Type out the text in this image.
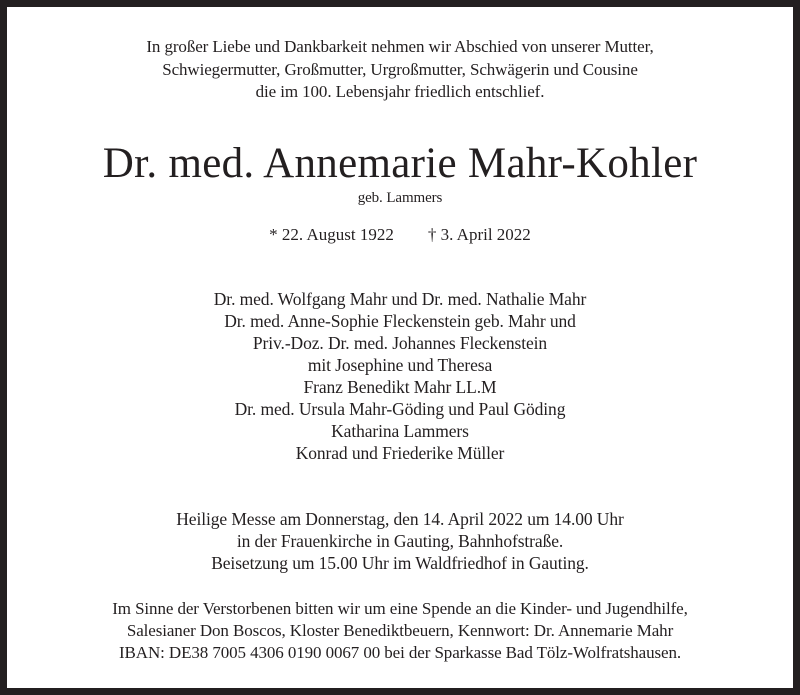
In großer Liebe und Dankbarkeit nehmen wir Abschied von unserer Mutter,
Schwiegermutter, Großmutter, Urgroßmutter, Schwägerin und Cousine
die im 100. Lebensjahr friedlich entschlief.
Dr. med. Annemarie Mahr-Kohler
geb. Lammers
* 22. August 1922 † 3. April 2022
Dr. med. Wolfgang Mahr und Dr. med. Nathalie Mahr
Dr. med. Anne-Sophie Fleckenstein geb. Mahr und
Priv.-Doz. Dr. med. Johannes Fleckenstein
mit Josephine und Theresa
Franz Benedikt Mahr LL.M
Dr. med. Ursula Mahr-Göding und Paul Göding
Katharina Lammers
Konrad und Friederike Müller
Heilige Messe am Donnerstag, den 14. April 2022 um 14.00 Uhr
in der Frauenkirche in Gauting, Bahnhofstraße.
Beisetzung um 15.00 Uhr im Waldfriedhof in Gauting.
Im Sinne der Verstorbenen bitten wir um eine Spende an die Kinder- und Jugendhilfe,
Salesianer Don Boscos, Kloster Benediktbeuern, Kennwort: Dr. Annemarie Mahr
IBAN: DE38 7005 4306 0190 0067 00 bei der Sparkasse Bad Tölz-Wolfratshausen.
